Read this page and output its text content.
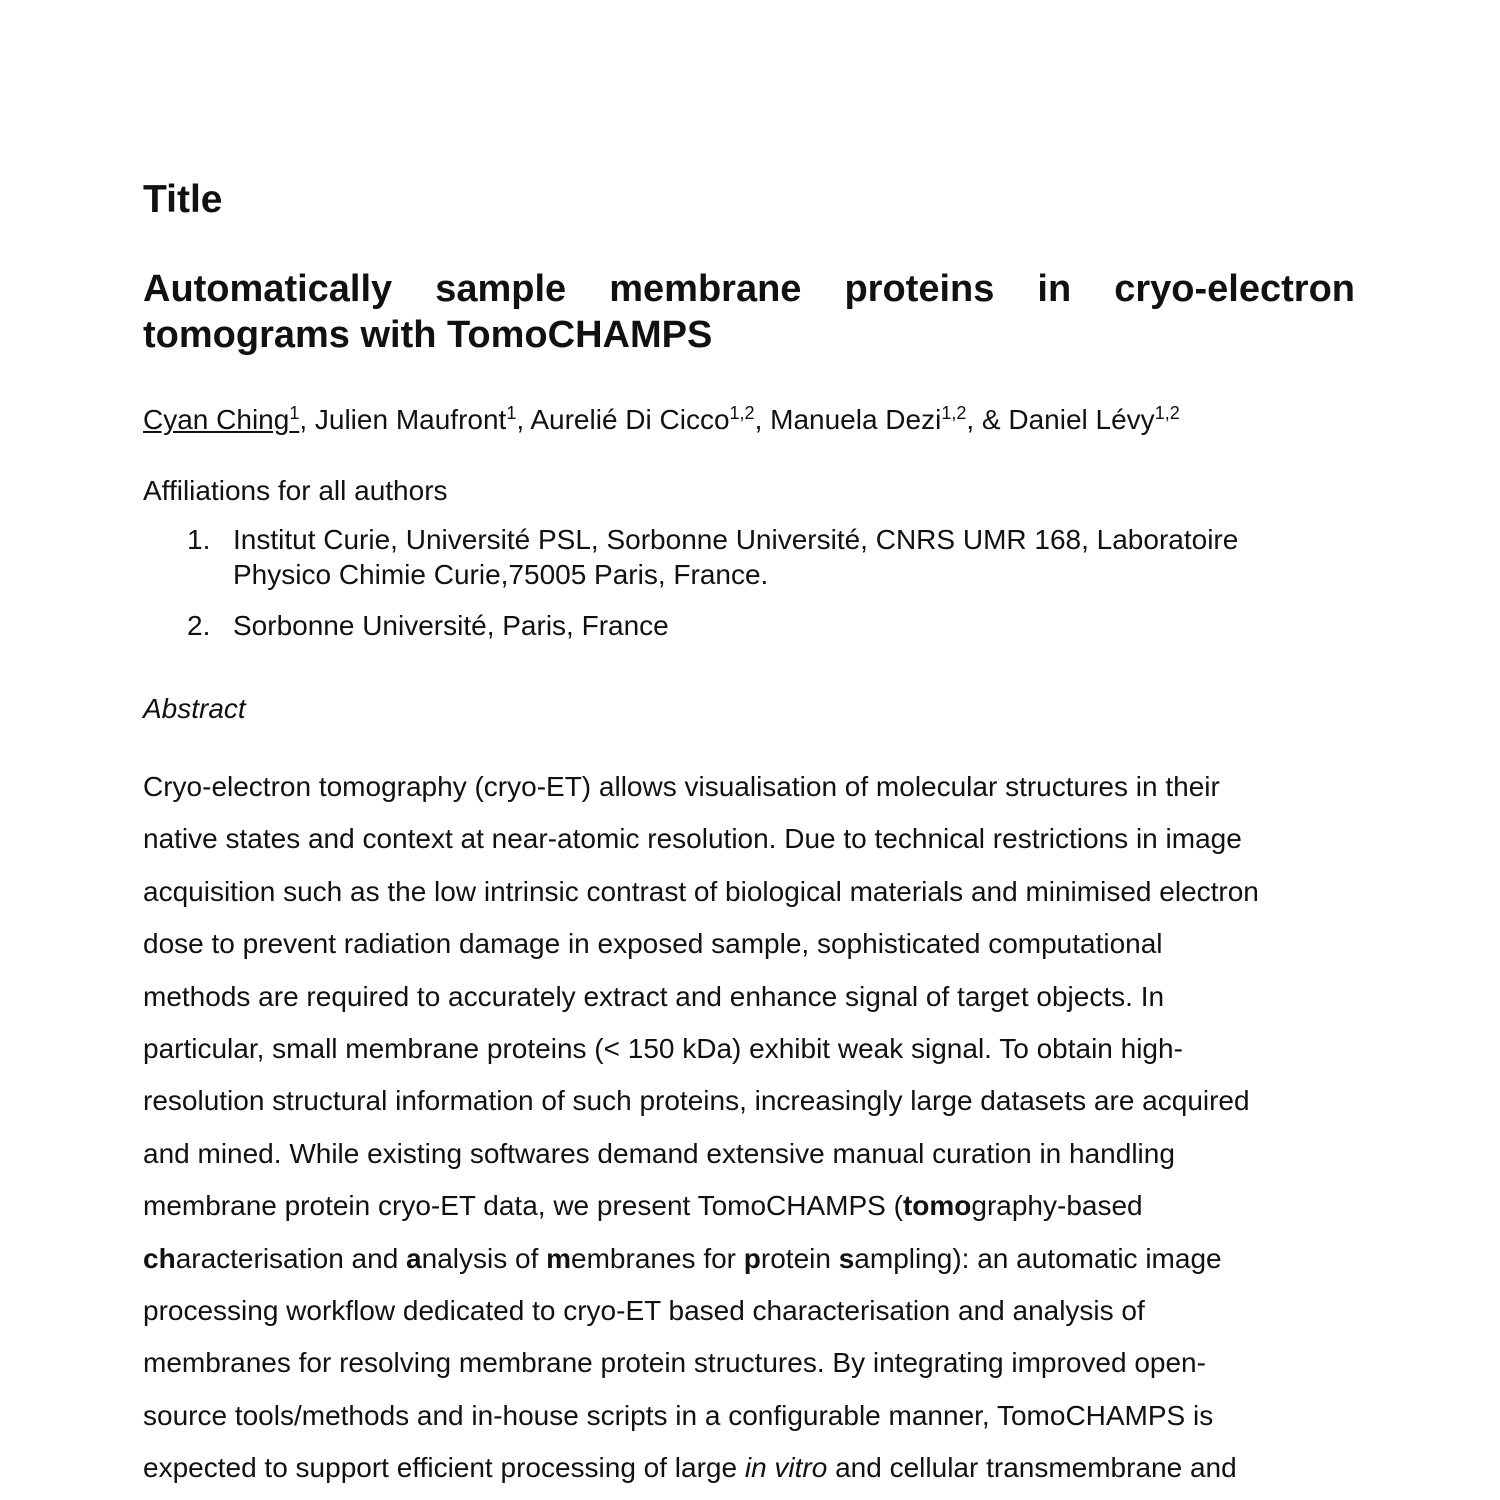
Title
Automatically sample membrane proteins in cryo-electron tomograms with TomoCHAMPS
Cyan Ching$^1$, Julien Maufront$^1$, Aurelié Di Cicco$^{1,2}$, Manuela Dezi$^{1,2}$, & Daniel Lévy$^{1,2}$
Affiliations for all authors
1. Institut Curie, Université PSL, Sorbonne Université, CNRS UMR 168, Laboratoire Physico Chimie Curie,75005 Paris, France.
2. Sorbonne Université, Paris, France
Abstract
Cryo-electron tomography (cryo-ET) allows visualisation of molecular structures in their
native states and context at near-atomic resolution. Due to technical restrictions in image
acquisition such as the low intrinsic contrast of biological materials and minimised electron
dose to prevent radiation damage in exposed sample, sophisticated computational
methods are required to accurately extract and enhance signal of target objects. In
particular, small membrane proteins (< 150 kDa) exhibit weak signal. To obtain high-
resolution structural information of such proteins, increasingly large datasets are acquired
and mined. While existing softwares demand extensive manual curation in handling
membrane protein cryo-ET data, we present TomoCHAMPS (tomography-based
characterisation and analysis of membranes for protein sampling): an automatic image
processing workflow dedicated to cryo-ET based characterisation and analysis of
membranes for resolving membrane protein structures. By integrating improved open-
source tools/methods and in-house scripts in a configurable manner, TomoCHAMPS is
expected to support efficient processing of large in vitro and cellular transmembrane and
